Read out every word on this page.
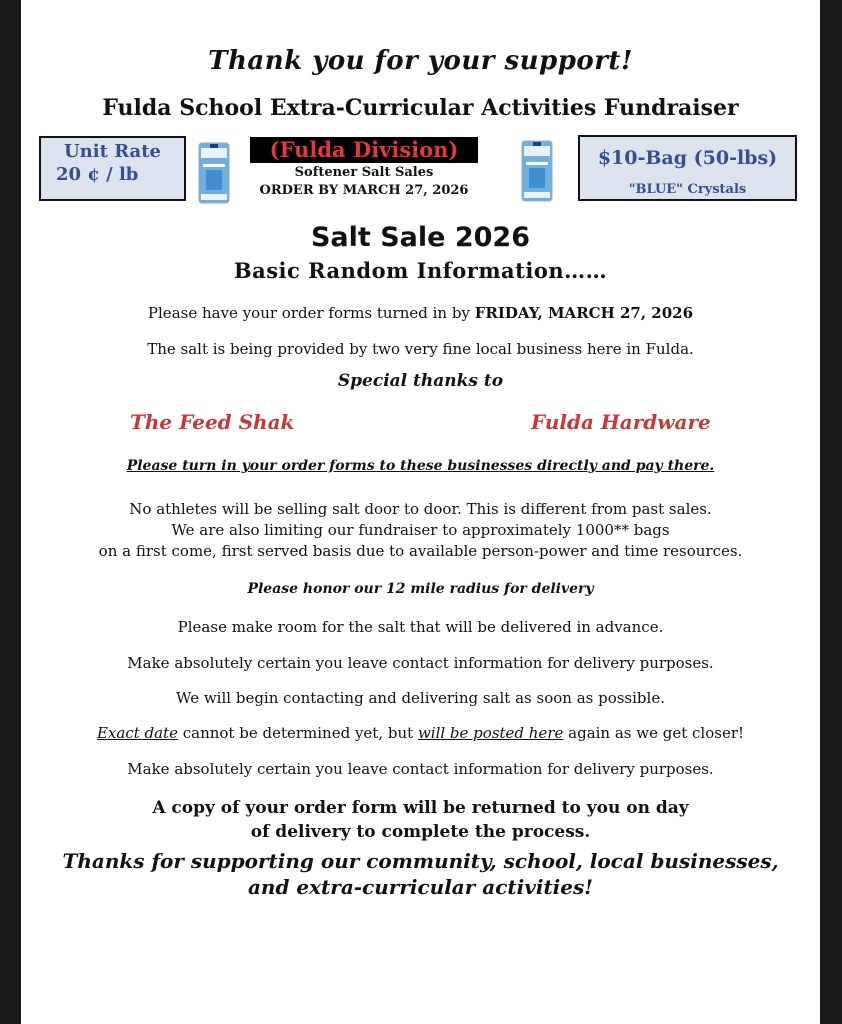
Thank you for your support!
Fulda School Extra-Curricular Activities Fundraiser
Unit Rate
20 ¢ / lb
(Fulda Division)
Softener Salt Sales
ORDER BY MARCH 27, 2026
$10-Bag (50-lbs)
"BLUE" Crystals
Salt Sale 2026
Basic Random Information……
Please have your order forms turned in by FRIDAY, MARCH 27, 2026
The salt is being provided by two very fine local business here in Fulda.
Special thanks to
The Feed Shak	Fulda Hardware
Please turn in your order forms to these businesses directly and pay there.
No athletes will be selling salt door to door. This is different from past sales.
We are also limiting our fundraiser to approximately 1000** bags
on a first come, first served basis due to available person-power and time resources.
Please honor our 12 mile radius for delivery
Please make room for the salt that will be delivered in advance.
Make absolutely certain you leave contact information for delivery purposes.
We will begin contacting and delivering salt as soon as possible.
Exact date cannot be determined yet, but will be posted here again as we get closer!
Make absolutely certain you leave contact information for delivery purposes.
A copy of your order form will be returned to you on day
of delivery to complete the process.
Thanks for supporting our community, school, local businesses,
and extra-curricular activities!
